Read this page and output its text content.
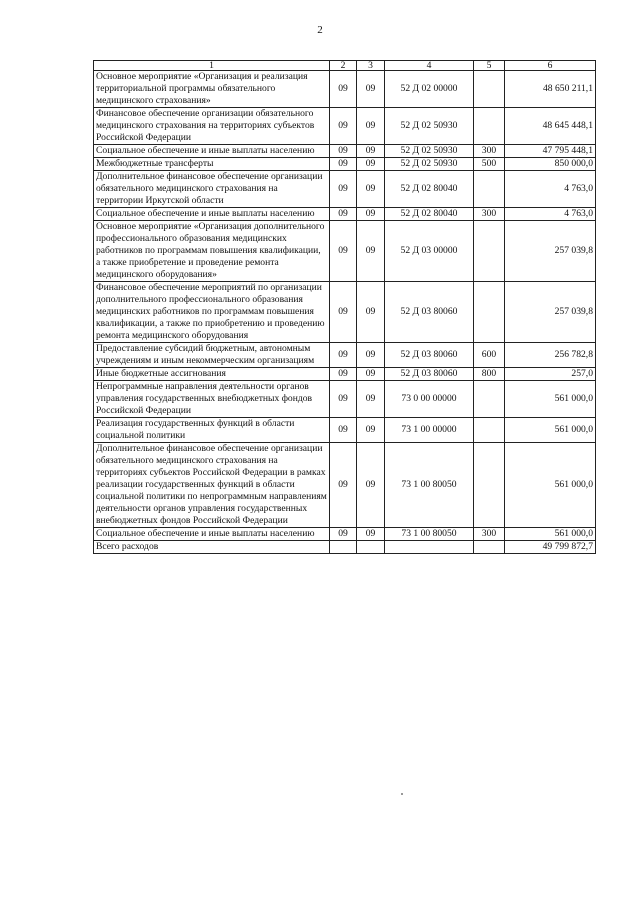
2
1	2	3	4	5	6
Основное мероприятие «Организация и реализация территориальной программы обязательного медицинского страхования»	09	09	52 Д 02 00000		48 650 211,1
Финансовое обеспечение организации обязательного медицинского страхования на территориях субъектов Российской Федерации	09	09	52 Д 02 50930		48 645 448,1
Социальное обеспечение и иные выплаты населению	09	09	52 Д 02 50930	300	47 795 448,1
Межбюджетные трансферты	09	09	52 Д 02 50930	500	850 000,0
Дополнительное финансовое обеспечение организации обязательного медицинского страхования на территории Иркутской области	09	09	52 Д 02 80040		4 763,0
Социальное обеспечение и иные выплаты населению	09	09	52 Д 02 80040	300	4 763,0
Основное мероприятие «Организация дополнительного профессионального образования медицинских работников по программам повышения квалификации, а также приобретение и проведение ремонта медицинского оборудования»	09	09	52 Д 03 00000		257 039,8
Финансовое обеспечение мероприятий по организации дополнительного профессионального образования медицинских работников по программам повышения квалификации, а также по приобретению и проведению ремонта медицинского оборудования	09	09	52 Д 03 80060		257 039,8
Предоставление субсидий бюджетным, автономным учреждениям и иным некоммерческим организациям	09	09	52 Д 03 80060	600	256 782,8
Иные бюджетные ассигнования	09	09	52 Д 03 80060	800	257,0
Непрограммные направления деятельности органов управления государственных внебюджетных фондов Российской Федерации	09	09	73 0 00 00000		561 000,0
Реализация государственных функций в области социальной политики	09	09	73 1 00 00000		561 000,0
Дополнительное финансовое обеспечение организации обязательного медицинского страхования на территориях субъектов Российской Федерации в рамках реализации государственных функций в области социальной политики по непрограммным направлениям деятельности органов управления государственных внебюджетных фондов Российской Федерации	09	09	73 1 00 80050		561 000,0
Социальное обеспечение и иные выплаты населению	09	09	73 1 00 80050	300	561 000,0
Всего расходов					49 799 872,7
